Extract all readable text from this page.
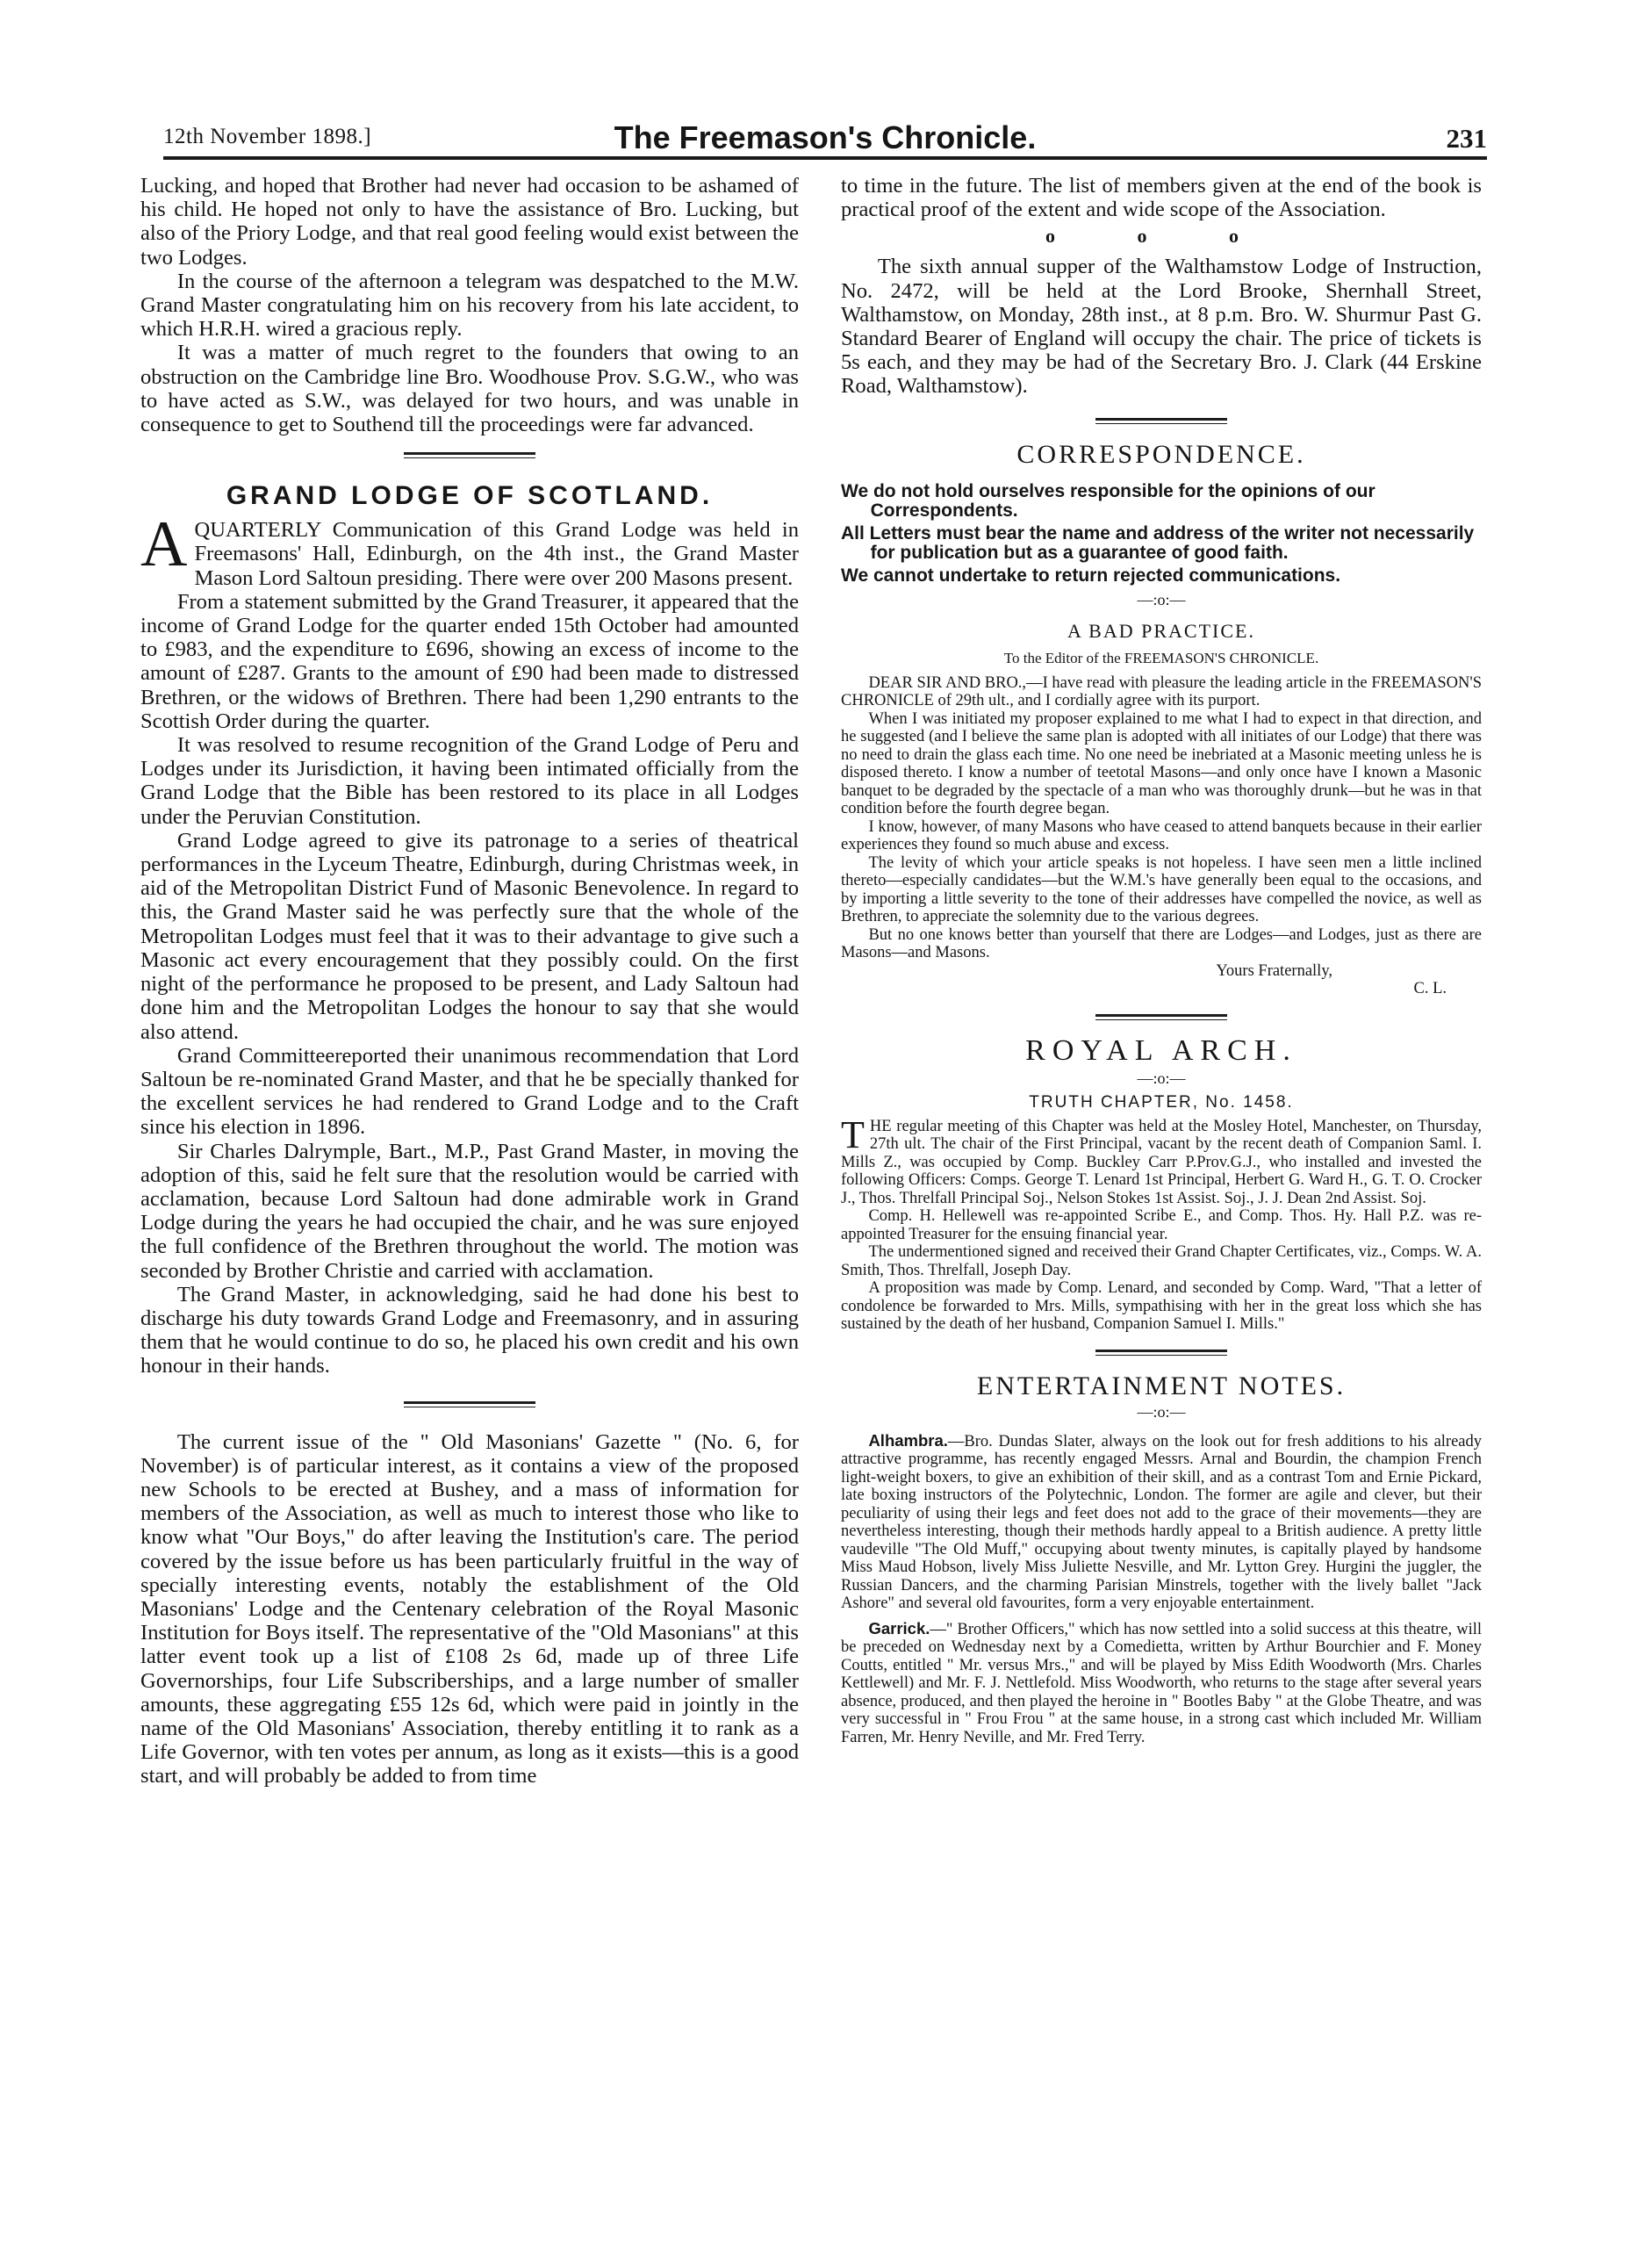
12th November 1898.]	The Freemason's Chronicle.	231

Lucking, and hoped that Brother had never had occasion to be ashamed of his child. He hoped not only to have the assistance of Bro. Lucking, but also of the Priory Lodge, and that real good feeling would exist between the two Lodges.

In the course of the afternoon a telegram was despatched to the M.W. Grand Master congratulating him on his recovery from his late accident, to which H.R.H. wired a gracious reply.

It was a matter of much regret to the founders that owing to an obstruction on the Cambridge line Bro. Woodhouse Prov. S.G.W., who was to have acted as S.W., was delayed for two hours, and was unable in consequence to get to Southend till the proceedings were far advanced.

GRAND LODGE OF SCOTLAND.

AQUARTERLY Communication of this Grand Lodge was held in Freemasons' Hall, Edinburgh, on the 4th inst., the Grand Master Mason Lord Saltoun presiding. There were over 200 Masons present.

From a statement submitted by the Grand Treasurer, it appeared that the income of Grand Lodge for the quarter ended 15th October had amounted to £983, and the expenditure to £696, showing an excess of income to the amount of £287. Grants to the amount of £90 had been made to distressed Brethren, or the widows of Brethren. There had been 1,290 entrants to the Scottish Order during the quarter.

It was resolved to resume recognition of the Grand Lodge of Peru and Lodges under its Jurisdiction, it having been intimated officially from the Grand Lodge that the Bible has been restored to its place in all Lodges under the Peruvian Constitution.

Grand Lodge agreed to give its patronage to a series of theatrical performances in the Lyceum Theatre, Edinburgh, during Christmas week, in aid of the Metropolitan District Fund of Masonic Benevolence. In regard to this, the Grand Master said he was perfectly sure that the whole of the Metropolitan Lodges must feel that it was to their advantage to give such a Masonic act every encouragement that they possibly could. On the first night of the performance he proposed to be present, and Lady Saltoun had done him and the Metropolitan Lodges the honour to say that she would also attend.

Grand Committeereported their unanimous recommendation that Lord Saltoun be re-nominated Grand Master, and that he be specially thanked for the excellent services he had rendered to Grand Lodge and to the Craft since his election in 1896.

Sir Charles Dalrymple, Bart., M.P., Past Grand Master, in moving the adoption of this, said he felt sure that the resolution would be carried with acclamation, because Lord Saltoun had done admirable work in Grand Lodge during the years he had occupied the chair, and he was sure enjoyed the full confidence of the Brethren throughout the world. The motion was seconded by Brother Christie and carried with acclamation.

The Grand Master, in acknowledging, said he had done his best to discharge his duty towards Grand Lodge and Freemasonry, and in assuring them that he would continue to do so, he placed his own credit and his own honour in their hands.

The current issue of the " Old Masonians' Gazette " (No. 6, for November) is of particular interest, as it contains a view of the proposed new Schools to be erected at Bushey, and a mass of information for members of the Association, as well as much to interest those who like to know what "Our Boys," do after leaving the Institution's care. The period covered by the issue before us has been particularly fruitful in the way of specially interesting events, notably the establishment of the Old Masonians' Lodge and the Centenary celebration of the Royal Masonic Institution for Boys itself. The representative of the "Old Masonians" at this latter event took up a list of £108 2s 6d, made up of three Life Governorships, four Life Subscriberships, and a large number of smaller amounts, these aggregating £55 12s 6d, which were paid in jointly in the name of the Old Masonians' Association, thereby entitling it to rank as a Life Governor, with ten votes per annum, as long as it exists—this is a good start, and will probably be added to from time

to time in the future. The list of members given at the end of the book is practical proof of the extent and wide scope of the Association.

o o o

The sixth annual supper of the Walthamstow Lodge of Instruction, No. 2472, will be held at the Lord Brooke, Shernhall Street, Walthamstow, on Monday, 28th inst., at 8 p.m. Bro. W. Shurmur Past G. Standard Bearer of England will occupy the chair. The price of tickets is 5s each, and they may be had of the Secretary Bro. J. Clark (44 Erskine Road, Walthamstow).

CORRESPONDENCE.

We do not hold ourselves responsible for the opinions of our Correspondents.

All Letters must bear the name and address of the writer not necessarily for publication but as a guarantee of good faith.

We cannot undertake to return rejected communications.

—:o:—
A BAD PRACTICE.
To the Editor of the FREEMASON'S CHRONICLE.

DEAR SIR AND BRO.,—I have read with pleasure the leading article in the FREEMASON'S CHRONICLE of 29th ult., and I cordially agree with its purport.

When I was initiated my proposer explained to me what I had to expect in that direction, and he suggested (and I believe the same plan is adopted with all initiates of our Lodge) that there was no need to drain the glass each time. No one need be inebriated at a Masonic meeting unless he is disposed thereto. I know a number of teetotal Masons—and only once have I known a Masonic banquet to be degraded by the spectacle of a man who was thoroughly drunk—but he was in that condition before the fourth degree began.

I know, however, of many Masons who have ceased to attend banquets because in their earlier experiences they found so much abuse and excess.

The levity of which your article speaks is not hopeless. I have seen men a little inclined thereto—especially candidates—but the W.M.'s have generally been equal to the occasions, and by importing a little severity to the tone of their addresses have compelled the novice, as well as Brethren, to appreciate the solemnity due to the various degrees.

But no one knows better than yourself that there are Lodges—and Lodges, just as there are Masons—and Masons.

Yours Fraternally,
C. L.
ROYAL ARCH.
—:o:—
TRUTH CHAPTER, No. 1458.

THE regular meeting of this Chapter was held at the Mosley Hotel, Manchester, on Thursday, 27th ult. The chair of the First Principal, vacant by the recent death of Companion Saml. I. Mills Z., was occupied by Comp. Buckley Carr P.Prov.G.J., who installed and invested the following Officers: Comps. George T. Lenard 1st Principal, Herbert G. Ward H., G. T. O. Crocker J., Thos. Threlfall Principal Soj., Nelson Stokes 1st Assist. Soj., J. J. Dean 2nd Assist. Soj.

Comp. H. Hellewell was re-appointed Scribe E., and Comp. Thos. Hy. Hall P.Z. was re-appointed Treasurer for the ensuing financial year.

The undermentioned signed and received their Grand Chapter Certificates, viz., Comps. W. A. Smith, Thos. Threlfall, Joseph Day.

A proposition was made by Comp. Lenard, and seconded by Comp. Ward, "That a letter of condolence be forwarded to Mrs. Mills, sympathising with her in the great loss which she has sustained by the death of her husband, Companion Samuel I. Mills."

ENTERTAINMENT NOTES.
—:o:—

Alhambra.—Bro. Dundas Slater, always on the look out for fresh additions to his already attractive programme, has recently engaged Messrs. Arnal and Bourdin, the champion French light-weight boxers, to give an exhibition of their skill, and as a contrast Tom and Ernie Pickard, late boxing instructors of the Polytechnic, London. The former are agile and clever, but their peculiarity of using their legs and feet does not add to the grace of their movements—they are nevertheless interesting, though their methods hardly appeal to a British audience. A pretty little vaudeville "The Old Muff," occupying about twenty minutes, is capitally played by handsome Miss Maud Hobson, lively Miss Juliette Nesville, and Mr. Lytton Grey. Hurgini the juggler, the Russian Dancers, and the charming Parisian Minstrels, together with the lively ballet "Jack Ashore" and several old favourites, form a very enjoyable entertainment.

Garrick.—" Brother Officers," which has now settled into a solid success at this theatre, will be preceded on Wednesday next by a Comedietta, written by Arthur Bourchier and F. Money Coutts, entitled " Mr. versus Mrs.," and will be played by Miss Edith Woodworth (Mrs. Charles Kettlewell) and Mr. F. J. Nettlefold. Miss Woodworth, who returns to the stage after several years absence, produced, and then played the heroine in " Bootles Baby " at the Globe Theatre, and was very successful in " Frou Frou " at the same house, in a strong cast which included Mr. William Farren, Mr. Henry Neville, and Mr. Fred Terry.
